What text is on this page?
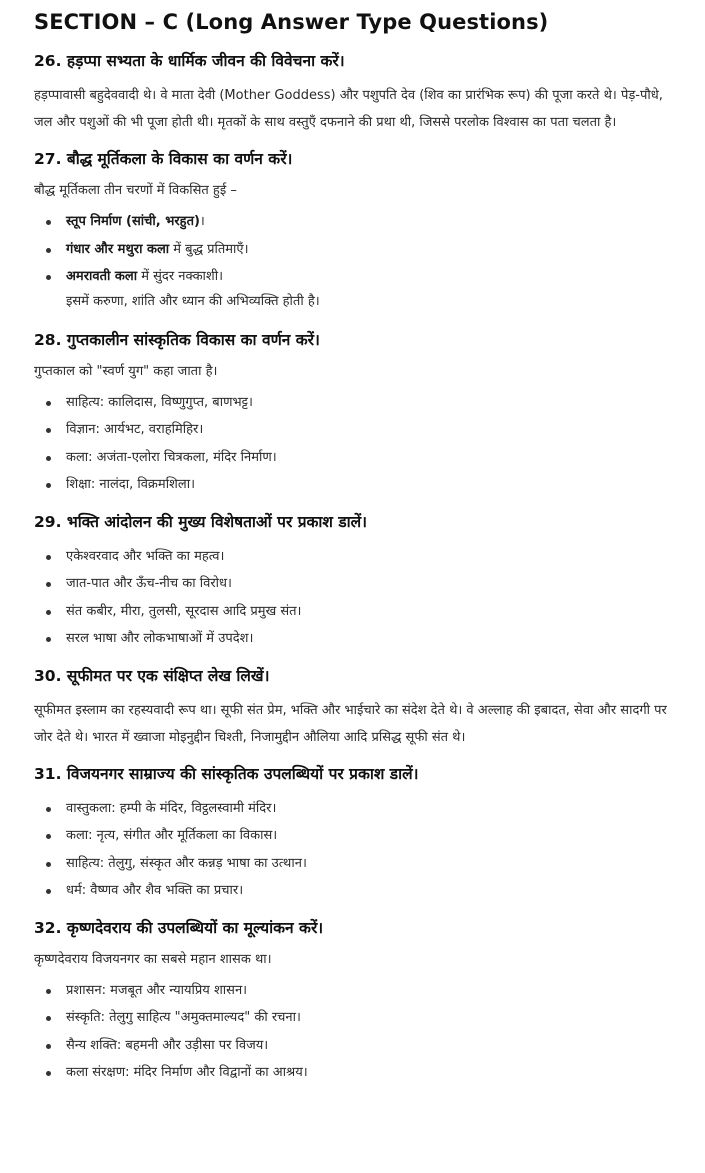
SECTION – C (Long Answer Type Questions)
26. हड़प्पा सभ्यता के धार्मिक जीवन की विवेचना करें।
हड़प्पावासी बहुदेववादी थे। वे माता देवी (Mother Goddess) और पशुपति देव (शिव का प्रारंभिक रूप) की पूजा करते थे। पेड़-पौधे, जल और पशुओं की भी पूजा होती थी। मृतकों के साथ वस्तुएँ दफनाने की प्रथा थी, जिससे परलोक विश्वास का पता चलता है।
27. बौद्ध मूर्तिकला के विकास का वर्णन करें।
बौद्ध मूर्तिकला तीन चरणों में विकसित हुई –
स्तूप निर्माण (सांची, भरहुत)।
गंधार और मथुरा कला में बुद्ध प्रतिमाएँ।
अमरावती कला में सुंदर नक्काशी।
इसमें करुणा, शांति और ध्यान की अभिव्यक्ति होती है।
28. गुप्तकालीन सांस्कृतिक विकास का वर्णन करें।
गुप्तकाल को "स्वर्ण युग" कहा जाता है।
साहित्य: कालिदास, विष्णुगुप्त, बाणभट्ट।
विज्ञान: आर्यभट, वराहमिहिर।
कला: अजंता-एलोरा चित्रकला, मंदिर निर्माण।
शिक्षा: नालंदा, विक्रमशिला।
29. भक्ति आंदोलन की मुख्य विशेषताओं पर प्रकाश डालें।
एकेश्वरवाद और भक्ति का महत्व।
जात-पात और ऊँच-नीच का विरोध।
संत कबीर, मीरा, तुलसी, सूरदास आदि प्रमुख संत।
सरल भाषा और लोकभाषाओं में उपदेश।
30. सूफीमत पर एक संक्षिप्त लेख लिखें।
सूफीमत इस्लाम का रहस्यवादी रूप था। सूफी संत प्रेम, भक्ति और भाईचारे का संदेश देते थे। वे अल्लाह की इबादत, सेवा और सादगी पर जोर देते थे। भारत में ख्वाजा मोइनुद्दीन चिश्ती, निजामुद्दीन औलिया आदि प्रसिद्ध सूफी संत थे।
31. विजयनगर साम्राज्य की सांस्कृतिक उपलब्धियों पर प्रकाश डालें।
वास्तुकला: हम्पी के मंदिर, विट्ठलस्वामी मंदिर।
कला: नृत्य, संगीत और मूर्तिकला का विकास।
साहित्य: तेलुगु, संस्कृत और कन्नड़ भाषा का उत्थान।
धर्म: वैष्णव और शैव भक्ति का प्रचार।
32. कृष्णदेवराय की उपलब्धियों का मूल्यांकन करें।
कृष्णदेवराय विजयनगर का सबसे महान शासक था।
प्रशासन: मजबूत और न्यायप्रिय शासन।
संस्कृति: तेलुगु साहित्य "अमुक्तमाल्यद" की रचना।
सैन्य शक्ति: बहमनी और उड़ीसा पर विजय।
कला संरक्षण: मंदिर निर्माण और विद्वानों का आश्रय।
